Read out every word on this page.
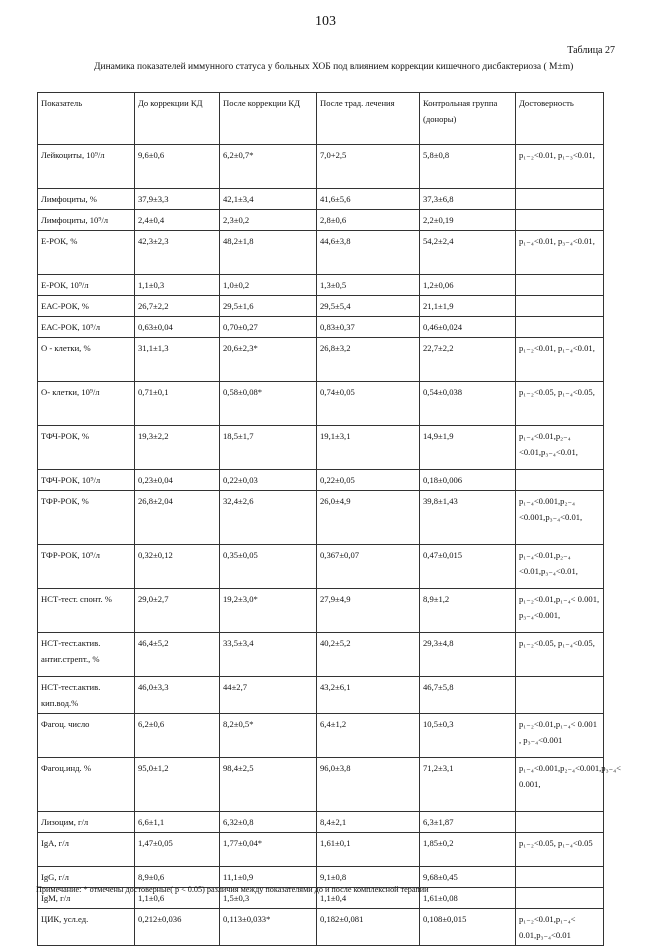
103
Таблица 27
Динамика показателей иммунного статуса у больных ХОБ под влиянием коррекции кишечного дисбактериоза ( M±m)
Показатель	До коррекции КД	После коррекции КД	После трад. лечения	Контрольная группа (доноры)	Достоверность
Лейкоциты, 10⁹/л	9,6±0,6	6,2±0,7*	7,0+2,5	5,8±0,8	p₁₋₂<0.01, p₁₋₃<0.01,
Лимфоциты, %	37,9±3,3	42,1±3,4	41,6±5,6	37,3±6,8	
Лимфоциты, 10⁹/л	2,4±0,4	2,3±0,2	2,8±0,6	2,2±0,19	
Е-РОК, %	42,3±2,3	48,2±1,8	44,6±3,8	54,2±2,4	p₁₋₄<0.01, p₃₋₄<0.01,
Е-РОК, 10⁹/л	1,1±0,3	1,0±0,2	1,3±0,5	1,2±0,06	
ЕАС-РОК, %	26,7±2,2	29,5±1,6	29,5±5,4	21,1±1,9	
ЕАС-РОК, 10⁹/л	0,63±0,04	0,70±0,27	0,83±0,37	0,46±0,024	
О - клетки, %	31,1±1,3	20,6±2,3*	26,8±3,2	22,7±2,2	p₁₋₂<0.01, p₁₋₄<0.01,
О- клетки, 10⁹/л	0,71±0,1	0,58±0,08*	0,74±0,05	0,54±0,038	p₁₋₂<0.05, p₁₋₄<0.05,
ТФЧ-РОК, %	19,3±2,2	18,5±1,7	19,1±3,1	14,9±1,9	p₁₋₄<0.01,p₂₋₄ <0.01,p₃₋₄<0.01,
ТФЧ-РОК, 10⁹/л	0,23±0,04	0,22±0,03	0,22±0,05	0,18±0,006	
ТФР-РОК, %	26,8±2,04	32,4±2,6	26,0±4,9	39,8±1,43	p₁₋₄<0.001,p₂₋₄ <0.001,p₃₋₄<0.01,
ТФР-РОК, 10⁹/л	0,32±0,12	0,35±0,05	0,367±0,07	0,47±0,015	p₁₋₄<0.01,p₂₋₄ <0.01,p₃₋₄<0.01,
НСТ-тест. спонт. %	29,0±2,7	19,2±3,0*	27,9±4,9	8,9±1,2	p₁₋₂<0.01,p₁₋₄< 0.001, p₃₋₄<0.001,
НСТ-тест.актив. антиг.стрепт., %	46,4±5,2	33,5±3,4	40,2±5,2	29,3±4,8	p₁₋₂<0.05, p₁₋₄<0.05,
НСТ-тест.актив. кип.вод.%	46,0±3,3	44±2,7	43,2±6,1	46,7±5,8	
Фагоц. число	6,2±0,6	8,2±0,5*	6,4±1,2	10,5±0,3	p₁₋₂<0.01,p₁₋₄< 0.001 , p₃₋₄<0.001
Фагоц.инд. %	95,0±1,2	98,4±2,5	96,0±3,8	71,2±3,1	p₁₋₄<0.001,p₂₋₄<0.001,p₃₋₄< 0.001,
Лизоцим, г/л	6,6±1,1	6,32±0,8	8,4±2,1	6,3±1,87	
IgA, г/л	1,47±0,05	1,77±0,04*	1,61±0,1	1,85±0,2	p₁₋₂<0.05, p₁₋₄<0.05
IgG, г/л	8,9±0,6	11,1±0,9	9,1±0,8	9,68±0,45	
IgM, г/л	1,1±0,6	1,5±0,3	1,1±0,4	1,61±0,08	
ЦИК, усл.ед.	0,212±0,036	0,113±0,033*	0,182±0,081	0,108±0,015	p₁₋₂<0.01,p₁₋₄< 0.01,p₃₋₄<0.01
Примечание: * отмечены достоверные( p < 0.05) различия между показателями до и после комплексной терапии
